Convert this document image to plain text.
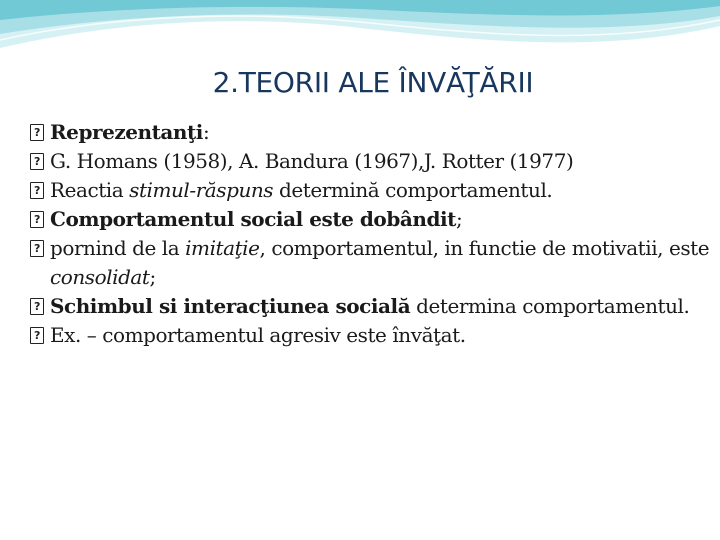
2.TEORII ALE ÎNVĂŢĂRII

?
Reprezentanţi:

?
G. Homans (1958), A. Bandura (1967),J. Rotter (1977)

?
Reactia stimul-răspuns determină comportamentul.

?
Comportamentul social este dobândit;

?
pornind de la imitaţie, comportamentul, in functie de motivatii, este consolidat;

?
Schimbul si interacţiunea socială determina comportamentul.

?
Ex. – comportamentul agresiv este învăţat.
